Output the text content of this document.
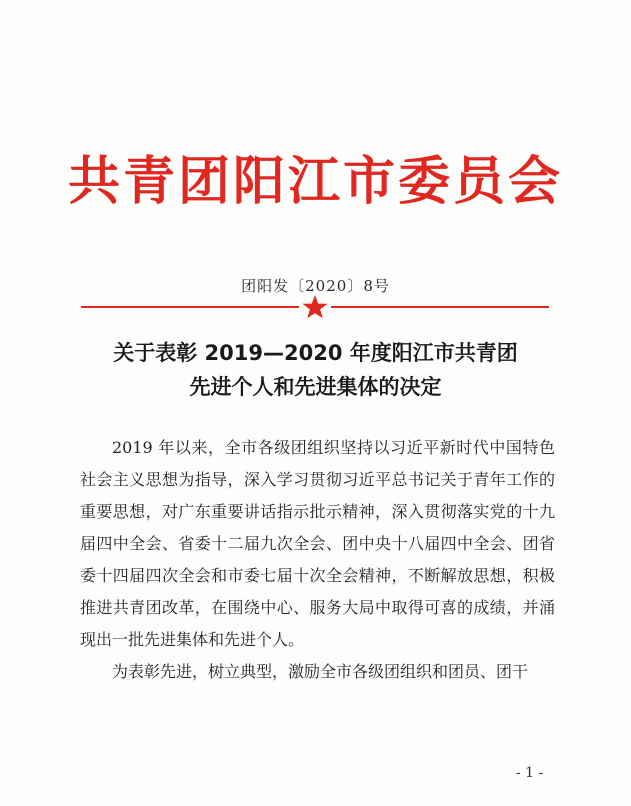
共青团阳江市委员会
团阳发〔2020〕8号
关于表彰 2019—2020 年度阳江市共青团
先进个人和先进集体的决定

2019 年以来，全市各级团组织坚持以习近平新时代中国特色社会主义思想为指导，深入学习贯彻习近平总书记关于青年工作的重要思想，对广东重要讲话指示批示精神，深入贯彻落实党的十九届四中全会、省委十二届九次全会、团中央十八届四中全会、团省委十四届四次全会和市委七届十次全会精神，不断解放思想，积极推进共青团改革，在围绕中心、服务大局中取得可喜的成绩，并涌现出一批先进集体和先进个人。

为表彰先进，树立典型，激励全市各级团组织和团员、团干

- 1 -
